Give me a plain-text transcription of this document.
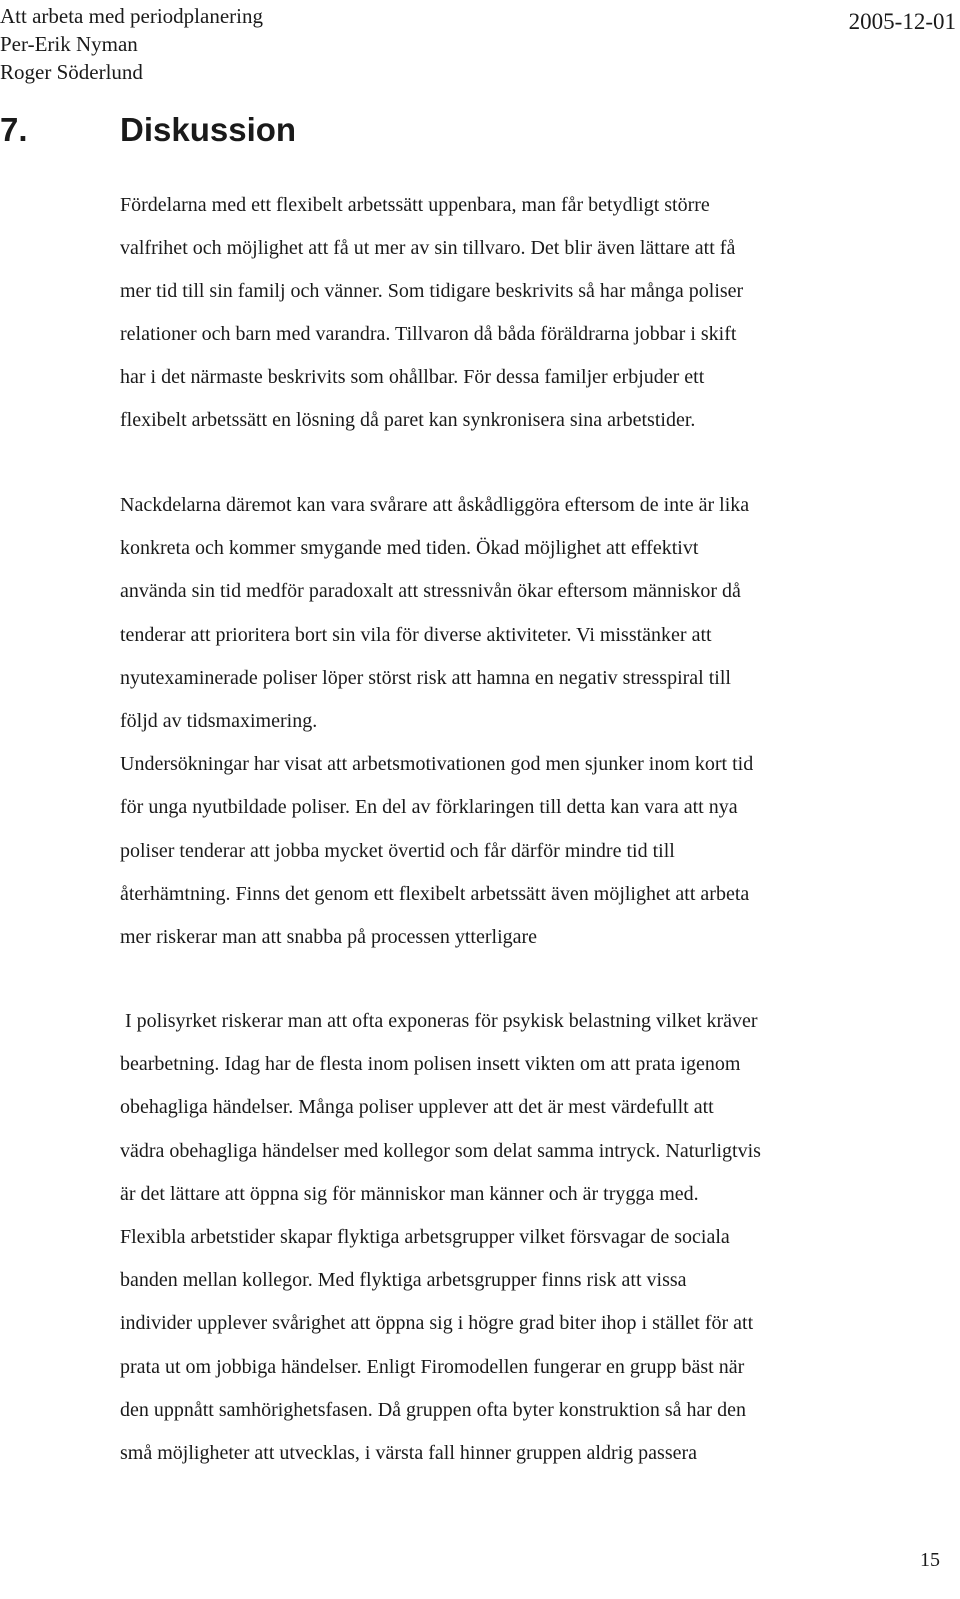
Att arbeta med periodplanering
Per-Erik Nyman
Roger Söderlund
2005-12-01
7.	Diskussion
Fördelarna med ett flexibelt arbetssätt uppenbara, man får betydligt större
valfrihet och möjlighet att få ut mer av sin tillvaro. Det blir även lättare att få
mer tid till sin familj och vänner. Som tidigare beskrivits så har många poliser
relationer och barn med varandra. Tillvaron då båda föräldrarna jobbar i skift
har i det närmaste beskrivits som ohållbar. För dessa familjer erbjuder ett
flexibelt arbetssätt en lösning då paret kan synkronisera sina arbetstider.
Nackdelarna däremot kan vara svårare att åskådliggöra eftersom de inte är lika
konkreta och kommer smygande med tiden. Ökad möjlighet att effektivt
använda sin tid medför paradoxalt att stressnivån ökar eftersom människor då
tenderar att prioritera bort sin vila för diverse aktiviteter. Vi misstänker att
nyutexaminerade poliser löper störst risk att hamna en negativ stresspiral till
följd av tidsmaximering.
Undersökningar har visat att arbetsmotivationen god men sjunker inom kort tid
för unga nyutbildade poliser. En del av förklaringen till detta kan vara att nya
poliser tenderar att jobba mycket övertid och får därför mindre tid till
återhämtning. Finns det genom ett flexibelt arbetssätt även möjlighet att arbeta
mer riskerar man att snabba på processen ytterligare
I polisyrket riskerar man att ofta exponeras för psykisk belastning vilket kräver
bearbetning. Idag har de flesta inom polisen insett vikten om att prata igenom
obehagliga händelser. Många poliser upplever att det är mest värdefullt att
vädra obehagliga händelser med kollegor som delat samma intryck. Naturligtvis
är det lättare att öppna sig för människor man känner och är trygga med.
Flexibla arbetstider skapar flyktiga arbetsgrupper vilket försvagar de sociala
banden mellan kollegor. Med flyktiga arbetsgrupper finns risk att vissa
individer upplever svårighet att öppna sig i högre grad biter ihop i stället för att
prata ut om jobbiga händelser. Enligt Firomodellen fungerar en grupp bäst när
den uppnått samhörighetsfasen. Då gruppen ofta byter konstruktion så har den
små möjligheter att utvecklas, i värsta fall hinner gruppen aldrig passera
15
